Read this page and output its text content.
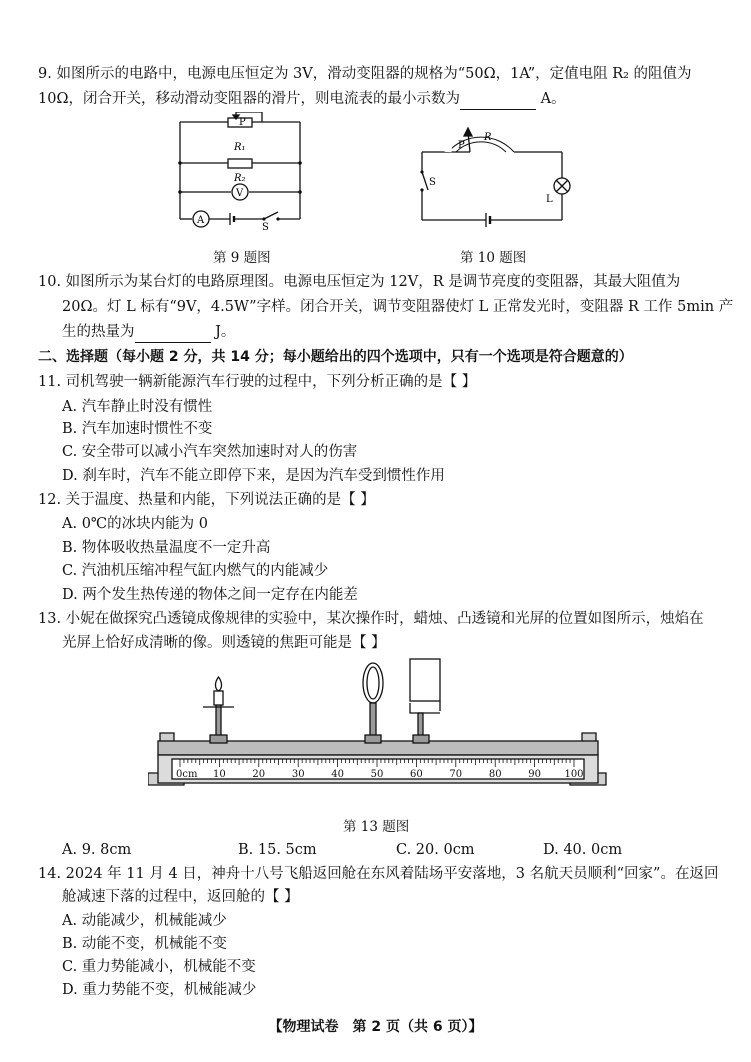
9. 如图所示的电路中，电源电压恒定为 3V，滑动变阻器的规格为“50Ω，1A”，定值电阻 R₂ 的阻值为
10Ω，闭合开关，移动滑动变阻器的滑片，则电流表的最小示数为	A。
P
R₁
R₂
V
A
S
P
R
S
L
第 9 题图	第 10 题图
10. 如图所示为某台灯的电路原理图。电源电压恒定为 12V，R 是调节亮度的变阻器，其最大阻值为
20Ω。灯 L 标有“9V，4.5W”字样。闭合开关，调节变阻器使灯 L 正常发光时，变阻器 R 工作 5min 产
生的热量为	J。
二、选择题（每小题 2 分，共 14 分；每小题给出的四个选项中，只有一个选项是符合题意的）
11. 司机驾驶一辆新能源汽车行驶的过程中，下列分析正确的是【 】
A. 汽车静止时没有惯性
B. 汽车加速时惯性不变
C. 安全带可以减小汽车突然加速时对人的伤害
D. 刹车时，汽车不能立即停下来，是因为汽车受到惯性作用
12. 关于温度、热量和内能，下列说法正确的是【 】
A. 0℃的冰块内能为 0
B. 物体吸收热量温度不一定升高
C. 汽油机压缩冲程气缸内燃气的内能减少
D. 两个发生热传递的物体之间一定存在内能差
13. 小妮在做探究凸透镜成像规律的实验中，某次操作时，蜡烛、凸透镜和光屏的位置如图所示，烛焰在
光屏上恰好成清晰的像。则透镜的焦距可能是【 】
0cm 10	20	30	40	50	60	70	80	90 100
第 13 题图
A. 9. 8cm	B. 15. 5cm	C. 20. 0cm	D. 40. 0cm
14. 2024 年 11 月 4 日，神舟十八号飞船返回舱在东风着陆场平安落地，3 名航天员顺利“回家”。在返回
舱减速下落的过程中，返回舱的【 】
A. 动能减少，机械能减少
B. 动能不变，机械能不变
C. 重力势能减小，机械能不变
D. 重力势能不变，机械能减少
【物理试卷　第 2 页（共 6 页）】
